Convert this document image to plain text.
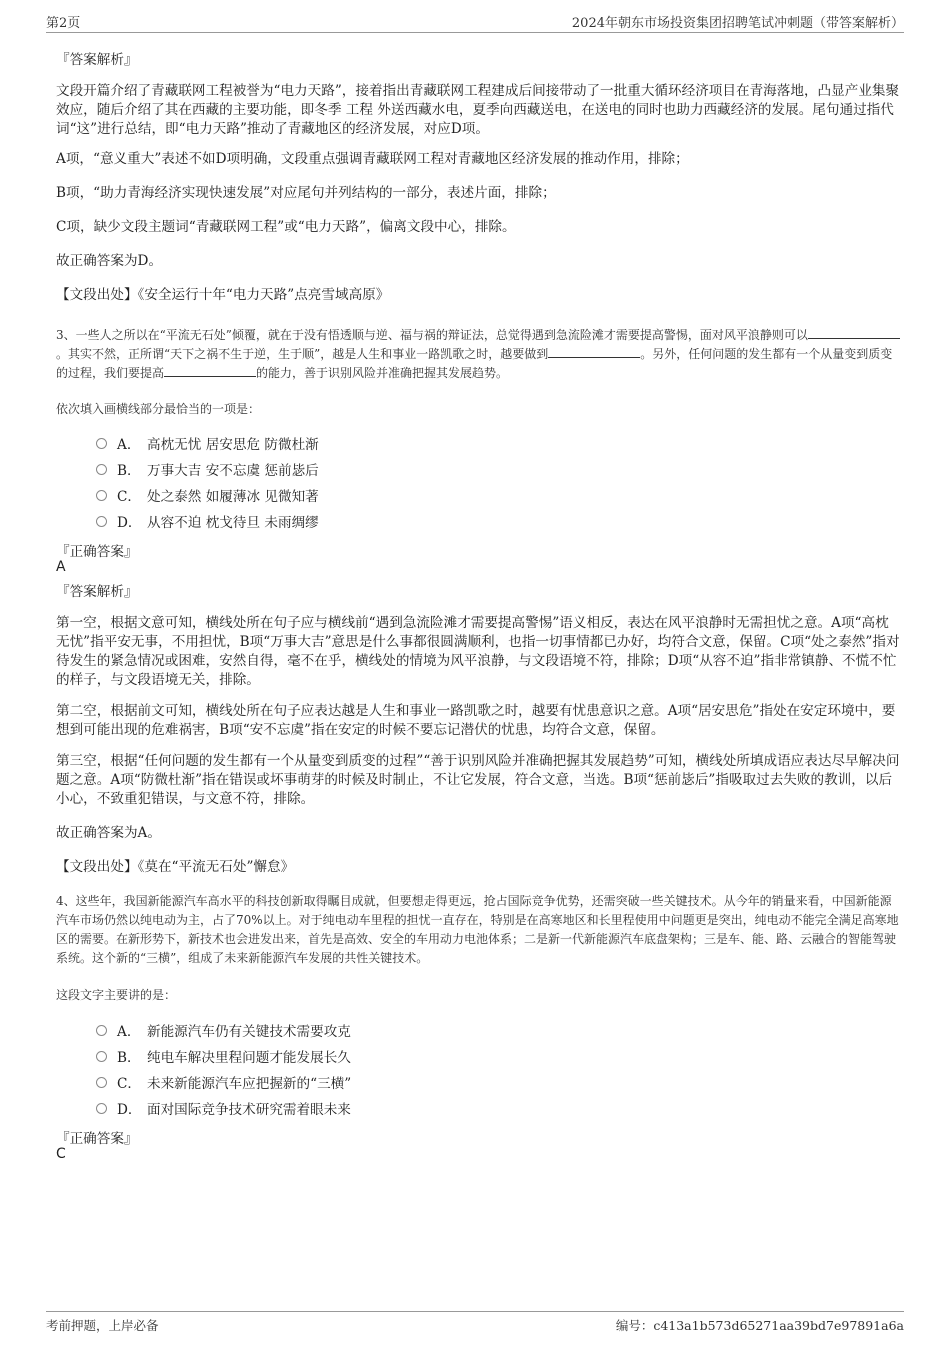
第2页	2024年朝东市场投资集团招聘笔试冲刺题（带答案解析）
『答案解析』

文段开篇介绍了青藏联网工程被誉为“电力天路”，接着指出青藏联网工程建成后间接带动了一批重大循环经济项目在青海落地，凸显产业集聚效应，随后介绍了其在西藏的主要功能，即冬季 工程 外送西藏水电，夏季向西藏送电，在送电的同时也助力西藏经济的发展。尾句通过指代词“这”进行总结，即“电力天路”推动了青藏地区的经济发展，对应D项。

A项，“意义重大”表述不如D项明确，文段重点强调青藏联网工程对青藏地区经济发展的推动作用，排除；

B项，“助力青海经济实现快速发展”对应尾句并列结构的一部分，表述片面，排除；

C项，缺少文段主题词“青藏联网工程”或“电力天路”，偏离文段中心，排除。

故正确答案为D。

【文段出处】《安全运行十年“电力天路”点亮雪域高原》

3、一些人之所以在“平流无石处”倾覆，就在于没有悟透顺与逆、福与祸的辩证法，总觉得遇到急流险滩才需要提高警惕，面对风平浪静则可以。其实不然，正所谓“天下之祸不生于逆，生于顺”，越是人生和事业一路凯歌之时，越要做到	。另外，任何问题的发生都有一个从量变到质变的过程，我们要提高	的能力，善于识别风险并准确把握其发展趋势。

依次填入画横线部分最恰当的一项是：

A． 高枕无忧 居安思危 防微杜渐
B． 万事大吉 安不忘虞 惩前毖后
C． 处之泰然 如履薄冰 见微知著
D． 从容不迫 枕戈待旦 未雨绸缪
『正确答案』
A
『答案解析』

第一空，根据文意可知，横线处所在句子应与横线前“遇到急流险滩才需要提高警惕”语义相反，表达在风平浪静时无需担忧之意。A项“高枕无忧”指平安无事，不用担忧，B项“万事大吉”意思是什么事都很圆满顺利，也指一切事情都已办好，均符合文意，保留。C项“处之泰然”指对待发生的紧急情况或困难，安然自得，毫不在乎，横线处的情境为风平浪静，与文段语境不符，排除；D项“从容不迫”指非常镇静、不慌不忙的样子，与文段语境无关，排除。

第二空，根据前文可知，横线处所在句子应表达越是人生和事业一路凯歌之时，越要有忧患意识之意。A项“居安思危”指处在安定环境中，要想到可能出现的危难祸害，B项“安不忘虞”指在安定的时候不要忘记潜伏的忧患，均符合文意，保留。

第三空，根据“任何问题的发生都有一个从量变到质变的过程”“善于识别风险并准确把握其发展趋势”可知，横线处所填成语应表达尽早解决问题之意。A项“防微杜渐”指在错误或坏事萌芽的时候及时制止，不让它发展，符合文意，当选。B项“惩前毖后”指吸取过去失败的教训，以后小心，不致重犯错误，与文意不符，排除。

故正确答案为A。

【文段出处】《莫在“平流无石处”懈怠》

4、这些年，我国新能源汽车高水平的科技创新取得瞩目成就，但要想走得更远，抢占国际竞争优势，还需突破一些关键技术。从今年的销量来看，中国新能源汽车市场仍然以纯电动为主，占了70%以上。对于纯电动车里程的担忧一直存在，特别是在高寒地区和长里程使用中问题更是突出，纯电动不能完全满足高寒地区的需要。在新形势下，新技术也会进发出来，首先是高效、安全的车用动力电池体系；二是新一代新能源汽车底盘架构；三是车、能、路、云融合的智能驾驶系统。这个新的“三横”，组成了未来新能源汽车发展的共性关键技术。

这段文字主要讲的是：

A． 新能源汽车仍有关键技术需要攻克
B． 纯电车解决里程问题才能发展长久
C． 未来新能源汽车应把握新的“三横”
D． 面对国际竞争技术研究需着眼未来
『正确答案』
C
考前押题，上岸必备	编号：c413a1b573d65271aa39bd7e97891a6a
